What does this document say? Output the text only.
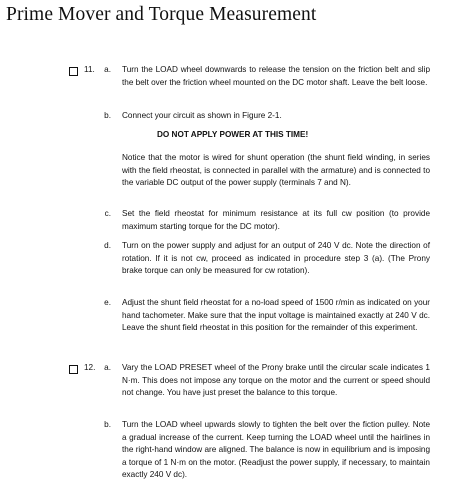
Prime Mover and Torque Measurement
11.	a. Turn the LOAD wheel downwards to release the tension on the friction belt and slip the belt over the friction wheel mounted on the DC motor shaft. Leave the belt loose.
b. Connect your circuit as shown in Figure 2-1.
DO NOT APPLY POWER AT THIS TIME!
Notice that the motor is wired for shunt operation (the shunt field winding, in series with the field rheostat, is connected in parallel with the armature) and is connected to the variable DC output of the power supply (terminals 7 and N).
c. Set the field rheostat for minimum resistance at its full cw position (to provide maximum starting torque for the DC motor).
d. Turn on the power supply and adjust for an output of 240 V dc. Note the direction of rotation. If it is not cw, proceed as indicated in procedure step 3 (a). (The Prony brake torque can only be measured for cw rotation).
e. Adjust the shunt field rheostat for a no-load speed of 1500 r/min as indicated on your hand tachometer. Make sure that the input voltage is maintained exactly at 240 V dc. Leave the shunt field rheostat in this position for the remainder of this experiment.
12.	a. Vary the LOAD PRESET wheel of the Prony brake until the circular scale indicates 1 N·m. This does not impose any torque on the motor and the current or speed should not change. You have just preset the balance to this torque.
b. Turn the LOAD wheel upwards slowly to tighten the belt over the fiction pulley. Note a gradual increase of the current. Keep turning the LOAD wheel until the hairlines in the right-hand window are aligned. The balance is now in equilibrium and is imposing a torque of 1 N·m on the motor. (Readjust the power supply, if necessary, to maintain exactly 240 V dc).
